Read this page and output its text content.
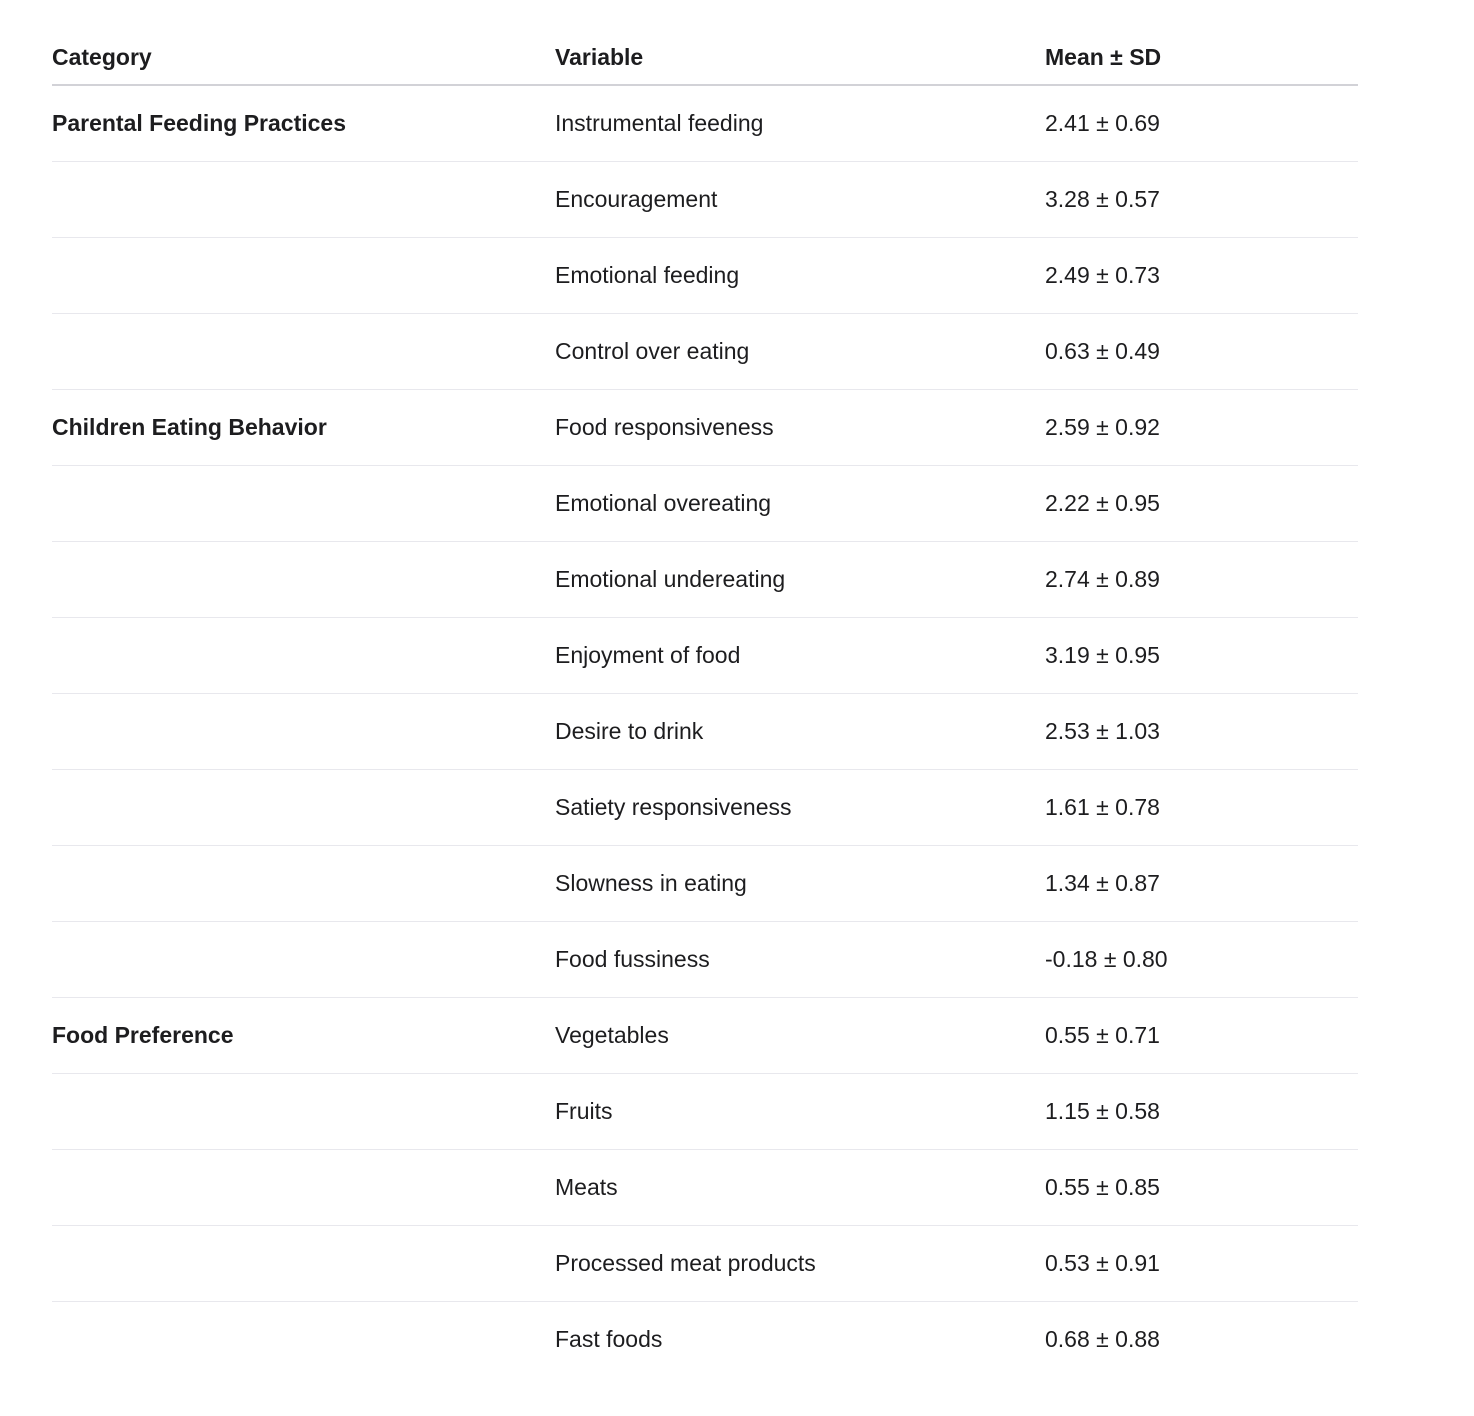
Category	Variable	Mean ± SD
Parental Feeding Practices	Instrumental feeding	2.41 ± 0.69
	Encouragement	3.28 ± 0.57
	Emotional feeding	2.49 ± 0.73
	Control over eating	0.63 ± 0.49
Children Eating Behavior	Food responsiveness	2.59 ± 0.92
	Emotional overeating	2.22 ± 0.95
	Emotional undereating	2.74 ± 0.89
	Enjoyment of food	3.19 ± 0.95
	Desire to drink	2.53 ± 1.03
	Satiety responsiveness	1.61 ± 0.78
	Slowness in eating	1.34 ± 0.87
	Food fussiness	-0.18 ± 0.80
Food Preference	Vegetables	0.55 ± 0.71
	Fruits	1.15 ± 0.58
	Meats	0.55 ± 0.85
	Processed meat products	0.53 ± 0.91
	Fast foods	0.68 ± 0.88
